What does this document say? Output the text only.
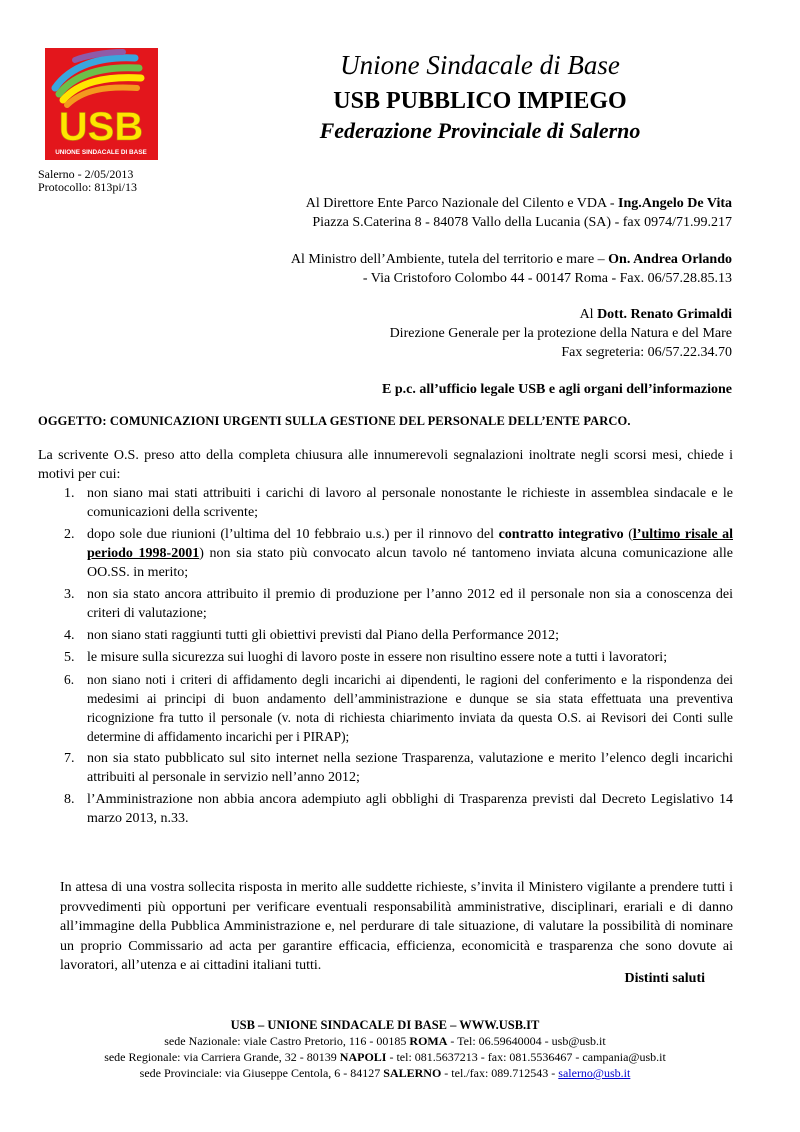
USB
UNIONE SINDACALE DI BASE
Unione Sindacale di Base
USB PUBBLICO IMPIEGO
Federazione Provinciale di Salerno
Salerno - 2/05/2013
Protocollo: 813pi/13
Al Direttore Ente Parco Nazionale del Cilento e VDA - Ing.Angelo De Vita
Piazza S.Caterina 8 - 84078 Vallo della Lucania (SA) - fax 0974/71.99.217
Al Ministro dell’Ambiente, tutela del territorio e mare – On. Andrea Orlando
- Via Cristoforo Colombo 44 - 00147 Roma - Fax. 06/57.28.85.13
Al Dott. Renato Grimaldi
Direzione Generale per la protezione della Natura e del Mare
Fax segreteria: 06/57.22.34.70
E p.c. all’ufficio legale USB e agli organi dell’informazione
OGGETTO: COMUNICAZIONI URGENTI SULLA GESTIONE DEL PERSONALE DELL’ENTE PARCO.
La scrivente O.S. preso atto della completa chiusura alle innumerevoli segnalazioni inoltrate negli scorsi mesi, chiede i motivi per cui:
1. non siano mai stati attribuiti i carichi di lavoro al personale nonostante le richieste in assemblea sindacale e le comunicazioni della scrivente;
2. dopo sole due riunioni (l’ultima del 10 febbraio u.s.) per il rinnovo del contratto integrativo (l’ultimo risale al periodo 1998-2001) non sia stato più convocato alcun tavolo né tantomeno inviata alcuna comunicazione alle OO.SS. in merito;
3. non sia stato ancora attribuito il premio di produzione per l’anno 2012 ed il personale non sia a conoscenza dei criteri di valutazione;
4. non siano stati raggiunti tutti gli obiettivi previsti dal Piano della Performance 2012;
5. le misure sulla sicurezza sui luoghi di lavoro poste in essere non risultino essere note a tutti i lavoratori;
6. non siano noti i criteri di affidamento degli incarichi ai dipendenti, le ragioni del conferimento e la rispondenza dei medesimi ai principi di buon andamento dell’amministrazione e dunque se sia stata effettuata una preventiva ricognizione fra tutto il personale (v. nota di richiesta chiarimento inviata da questa O.S. ai Revisori dei Conti sulle determine di affidamento incarichi per i PIRAP);
7. non sia stato pubblicato sul sito internet nella sezione Trasparenza, valutazione e merito l’elenco degli incarichi attribuiti al personale in servizio nell’anno 2012;
8. l’Amministrazione non abbia ancora adempiuto agli obblighi di Trasparenza previsti dal Decreto Legislativo 14 marzo 2013, n.33.
In attesa di una vostra sollecita risposta in merito alle suddette richieste, s’invita il Ministero vigilante a prendere tutti i provvedimenti più opportuni per verificare eventuali responsabilità amministrative, disciplinari, erariali e di danno all’immagine della Pubblica Amministrazione e, nel perdurare di tale situazione, di valutare la possibilità di nominare un proprio Commissario ad acta per garantire efficacia, efficienza, economicità e trasparenza che sono dovute ai lavoratori, all’utenza e ai cittadini italiani tutti.
Distinti saluti
USB – UNIONE SINDACALE DI BASE – WWW.USB.IT
sede Nazionale: viale Castro Pretorio, 116 - 00185 ROMA - Tel: 06.59640004 - usb@usb.it
sede Regionale: via Carriera Grande, 32 - 80139 NAPOLI - tel: 081.5637213 - fax: 081.5536467 - campania@usb.it
sede Provinciale: via Giuseppe Centola, 6 - 84127 SALERNO - tel./fax: 089.712543 - salerno@usb.it
